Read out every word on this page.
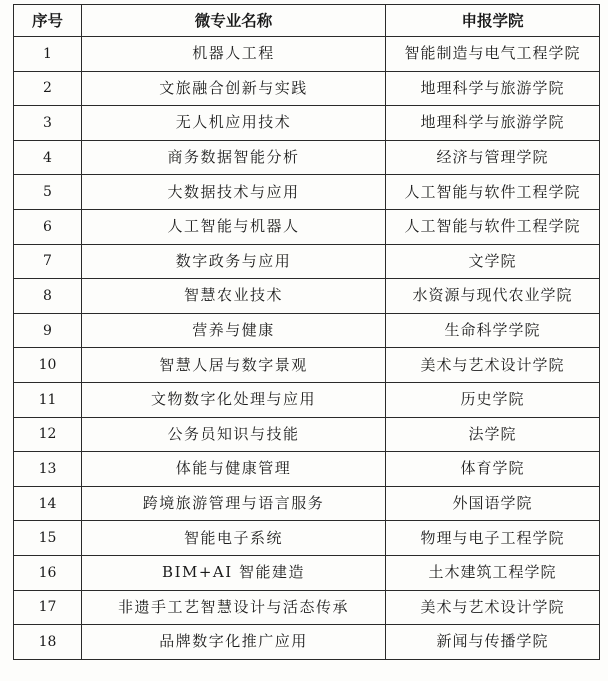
序号	微专业名称	申报学院
1	机器人工程	智能制造与电气工程学院
2	文旅融合创新与实践	地理科学与旅游学院
3	无人机应用技术	地理科学与旅游学院
4	商务数据智能分析	经济与管理学院
5	大数据技术与应用	人工智能与软件工程学院
6	人工智能与机器人	人工智能与软件工程学院
7	数字政务与应用	文学院
8	智慧农业技术	水资源与现代农业学院
9	营养与健康	生命科学学院
10	智慧人居与数字景观	美术与艺术设计学院
11	文物数字化处理与应用	历史学院
12	公务员知识与技能	法学院
13	体能与健康管理	体育学院
14	跨境旅游管理与语言服务	外国语学院
15	智能电子系统	物理与电子工程学院
16	BIM+AI 智能建造	土木建筑工程学院
17	非遗手工艺智慧设计与活态传承	美术与艺术设计学院
18	品牌数字化推广应用	新闻与传播学院
